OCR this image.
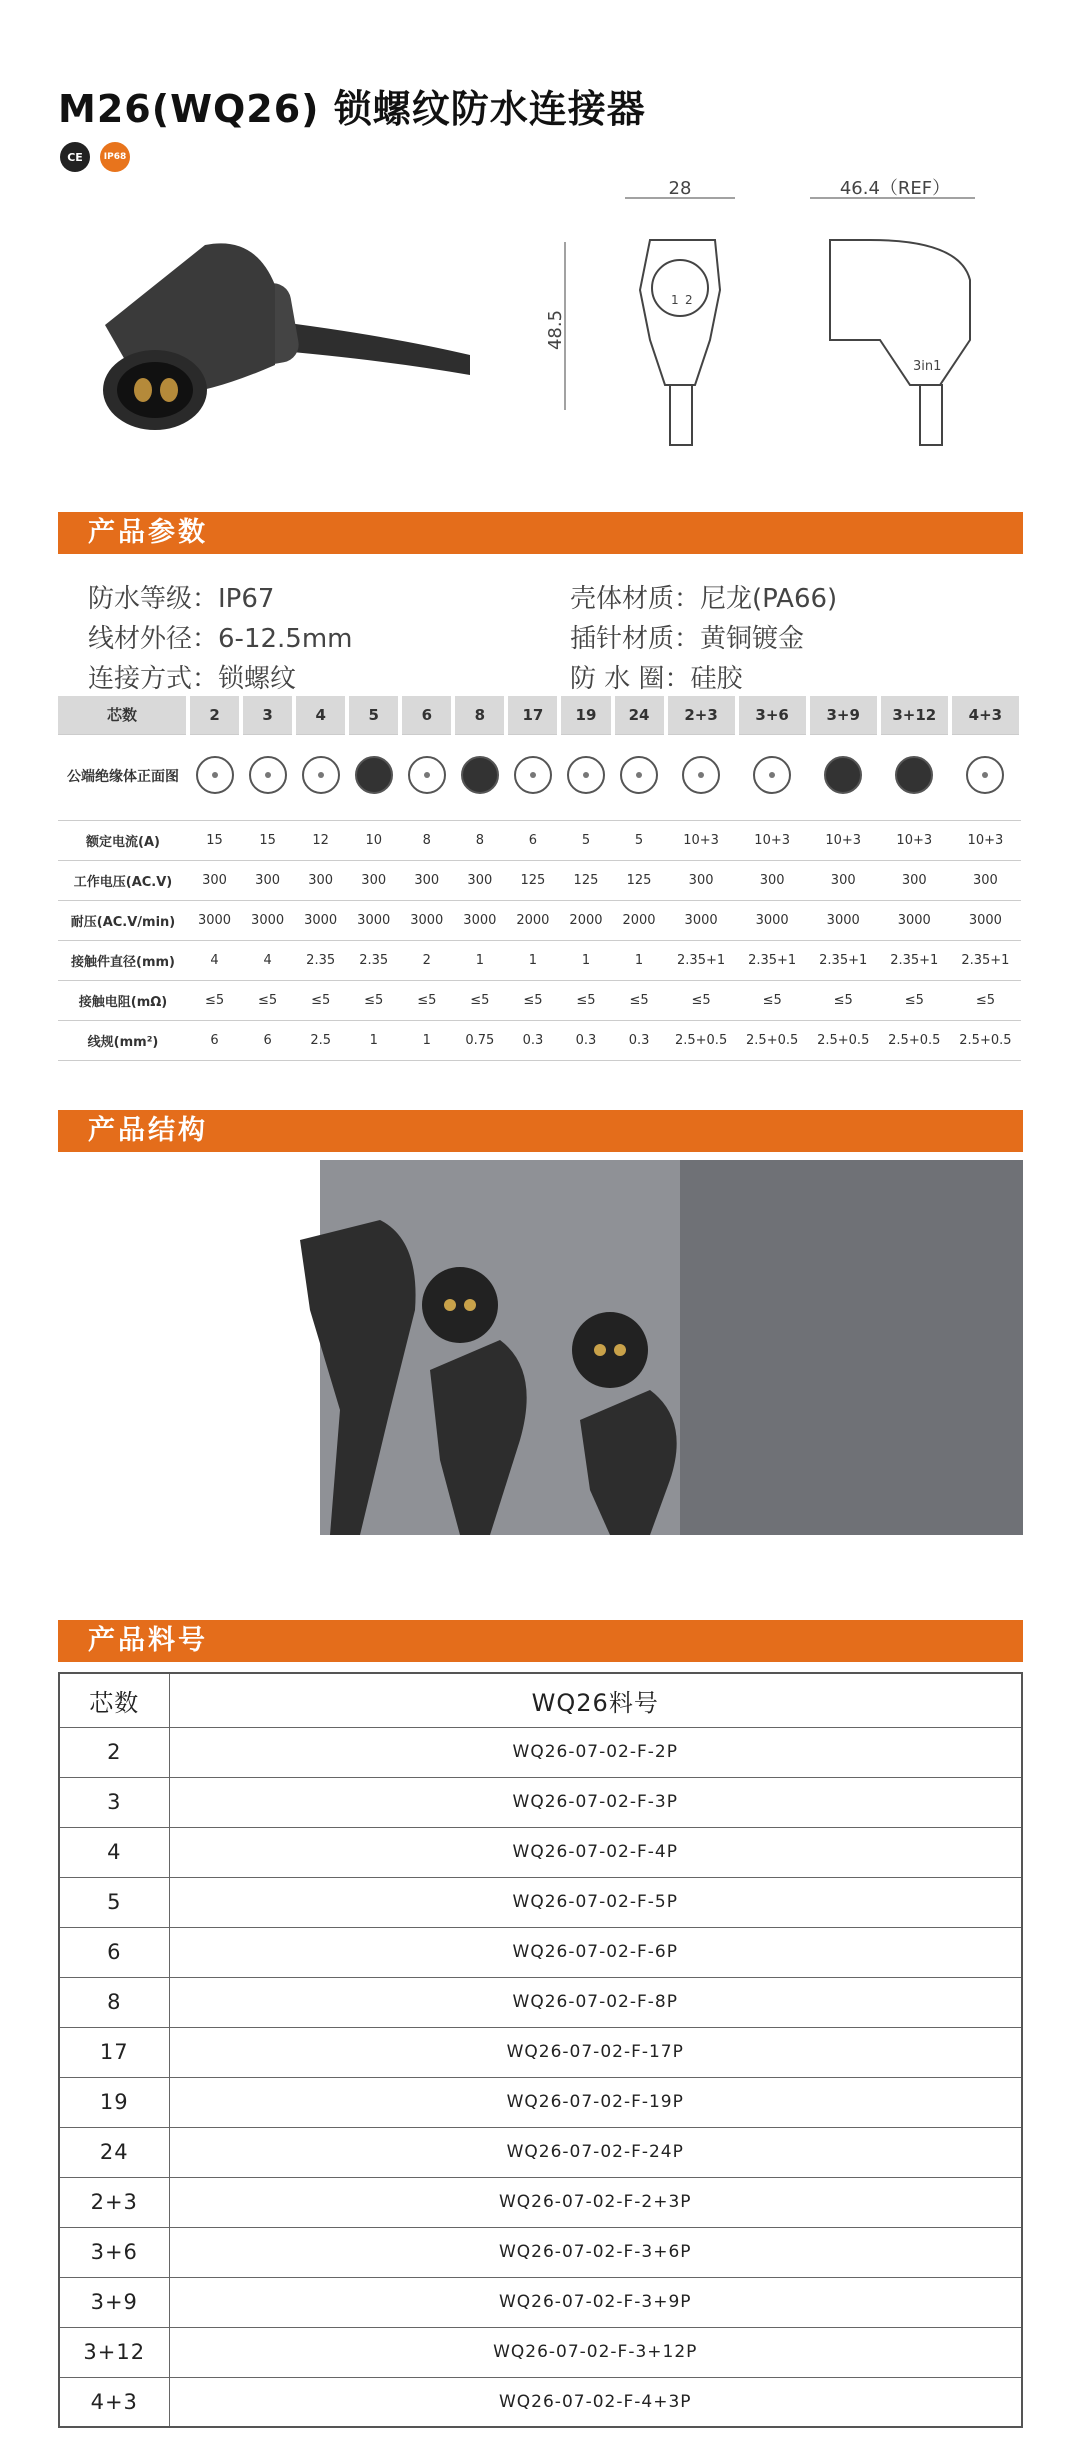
M26(WQ26) 锁螺纹防水连接器
CE	IP68
28
48.5
1 2
46.4（REF）
3in1
产品参数
防水等级：IP67	壳体材质：尼龙(PA66)
线材外径：6-12.5mm	插针材质：黄铜镀金
连接方式：锁螺纹	防 水 圈：硅胶
芯数	2	3	4	5	6	8	17	19	24	2+3	3+6	3+9	3+12	4+3
公端绝缘体正面图														
额定电流(A)	15	15	12	10	8	8	6	5	5	10+3	10+3	10+3	10+3	10+3
工作电压(AC.V)	300	300	300	300	300	300	125	125	125	300	300	300	300	300
耐压(AC.V/min)	3000	3000	3000	3000	3000	3000	2000	2000	2000	3000	3000	3000	3000	3000
接触件直径(mm)	4	4	2.35	2.35	2	1	1	1	1	2.35+1	2.35+1	2.35+1	2.35+1	2.35+1
接触电阻(mΩ)	≤5	≤5	≤5	≤5	≤5	≤5	≤5	≤5	≤5	≤5	≤5	≤5	≤5	≤5
线规(mm²)	6	6	2.5	1	1	0.75	0.3	0.3	0.3	2.5+0.5	2.5+0.5	2.5+0.5	2.5+0.5	2.5+0.5
产品结构
产品料号
芯数	WQ26料号
2	WQ26-07-02-F-2P
3	WQ26-07-02-F-3P
4	WQ26-07-02-F-4P
5	WQ26-07-02-F-5P
6	WQ26-07-02-F-6P
8	WQ26-07-02-F-8P
17	WQ26-07-02-F-17P
19	WQ26-07-02-F-19P
24	WQ26-07-02-F-24P
2+3	WQ26-07-02-F-2+3P
3+6	WQ26-07-02-F-3+6P
3+9	WQ26-07-02-F-3+9P
3+12	WQ26-07-02-F-3+12P
4+3	WQ26-07-02-F-4+3P
